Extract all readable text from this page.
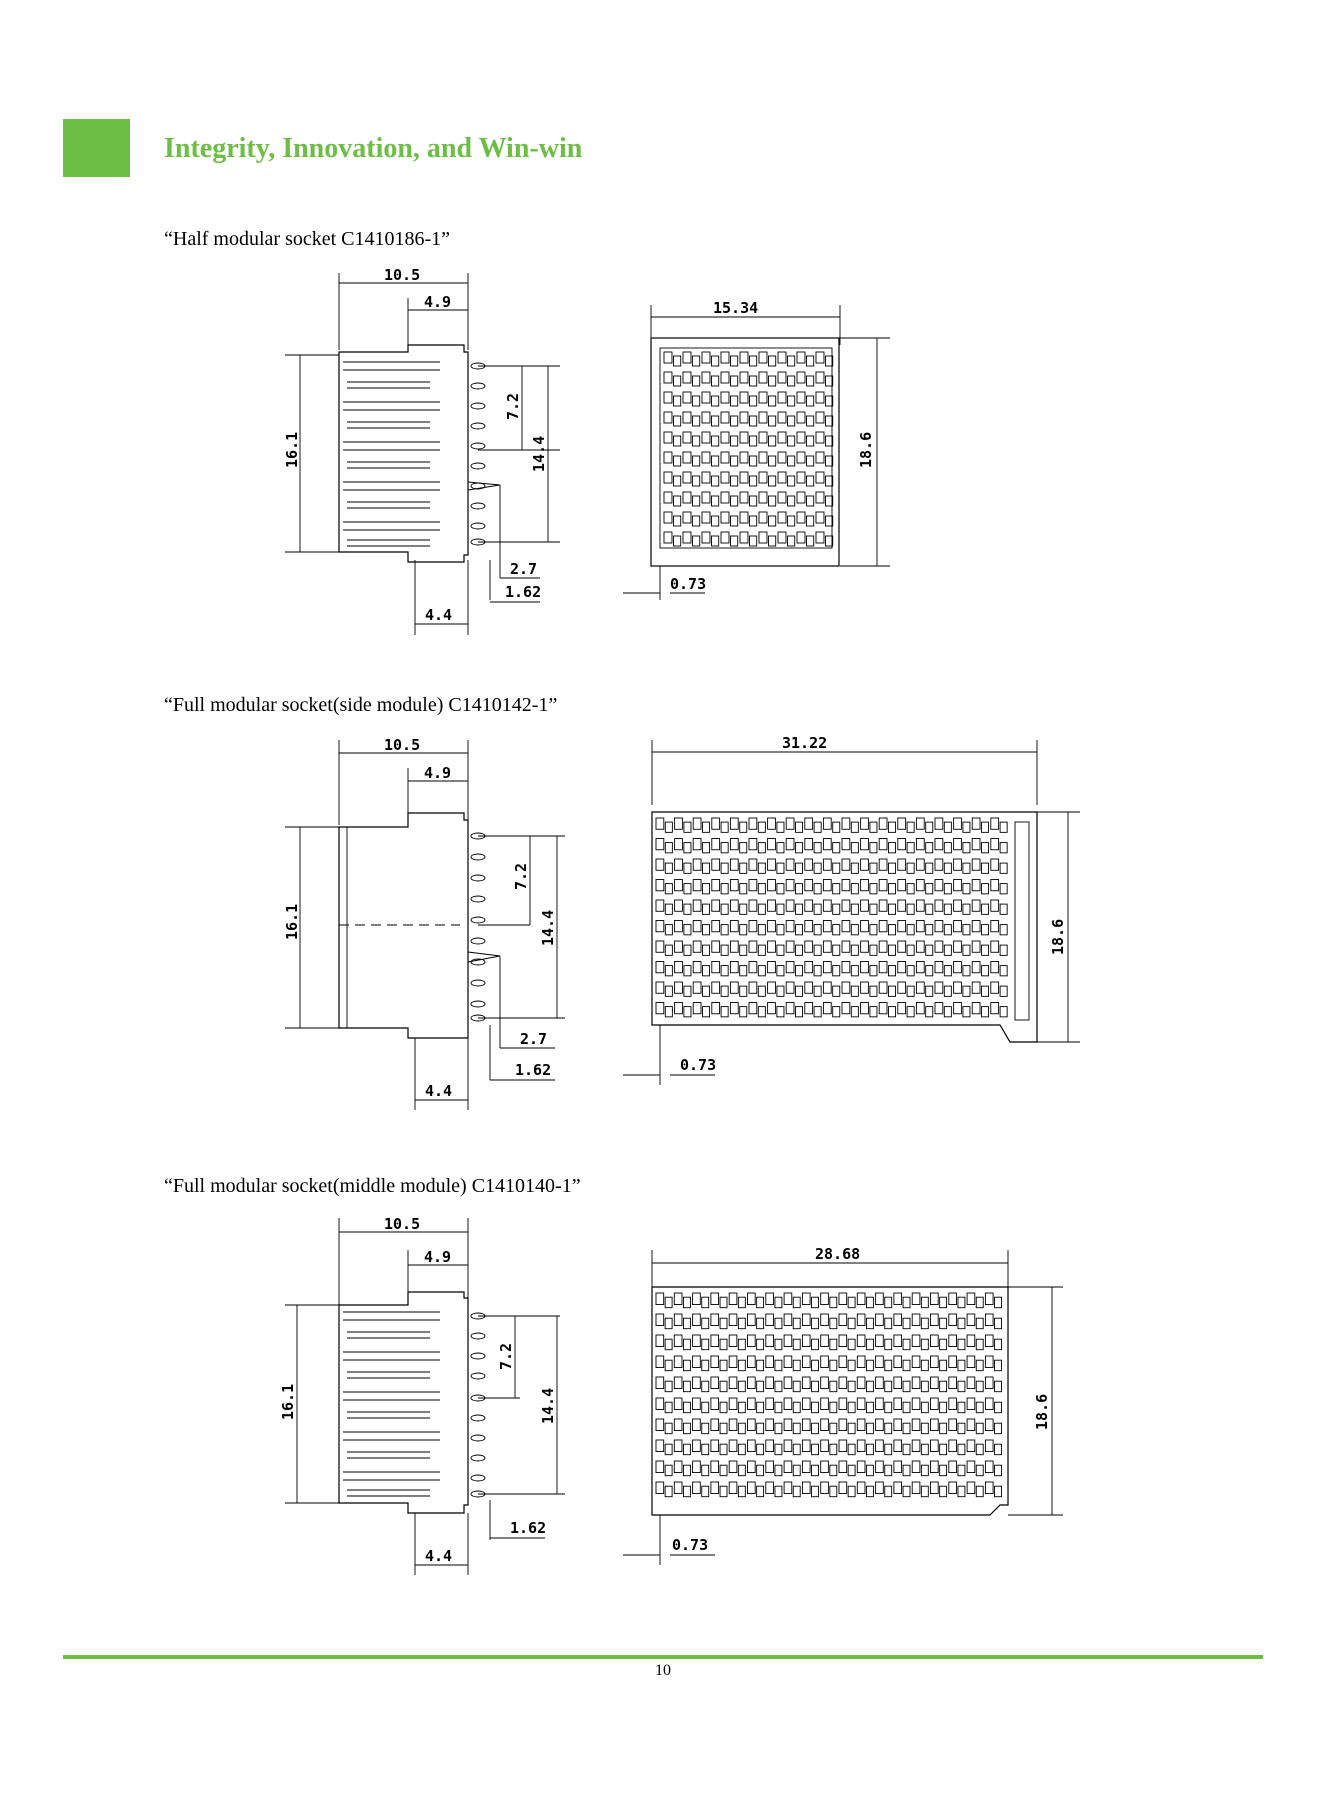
Integrity, Innovation, and Win-win
“Half modular socket C1410186-1”
10.5
4.9
16.1
7.2
14.4
2.7
1.62
4.4
15.34
18.6
0.73
“Full modular socket(side module) C1410142-1”
10.5
4.9
16.1
7.2
14.4
2.7
1.62
4.4
31.22
18.6
0.73
“Full modular socket(middle module) C1410140-1”
10.5
4.9
16.1
7.2
14.4
1.62
4.4
28.68
18.6
0.73
10
